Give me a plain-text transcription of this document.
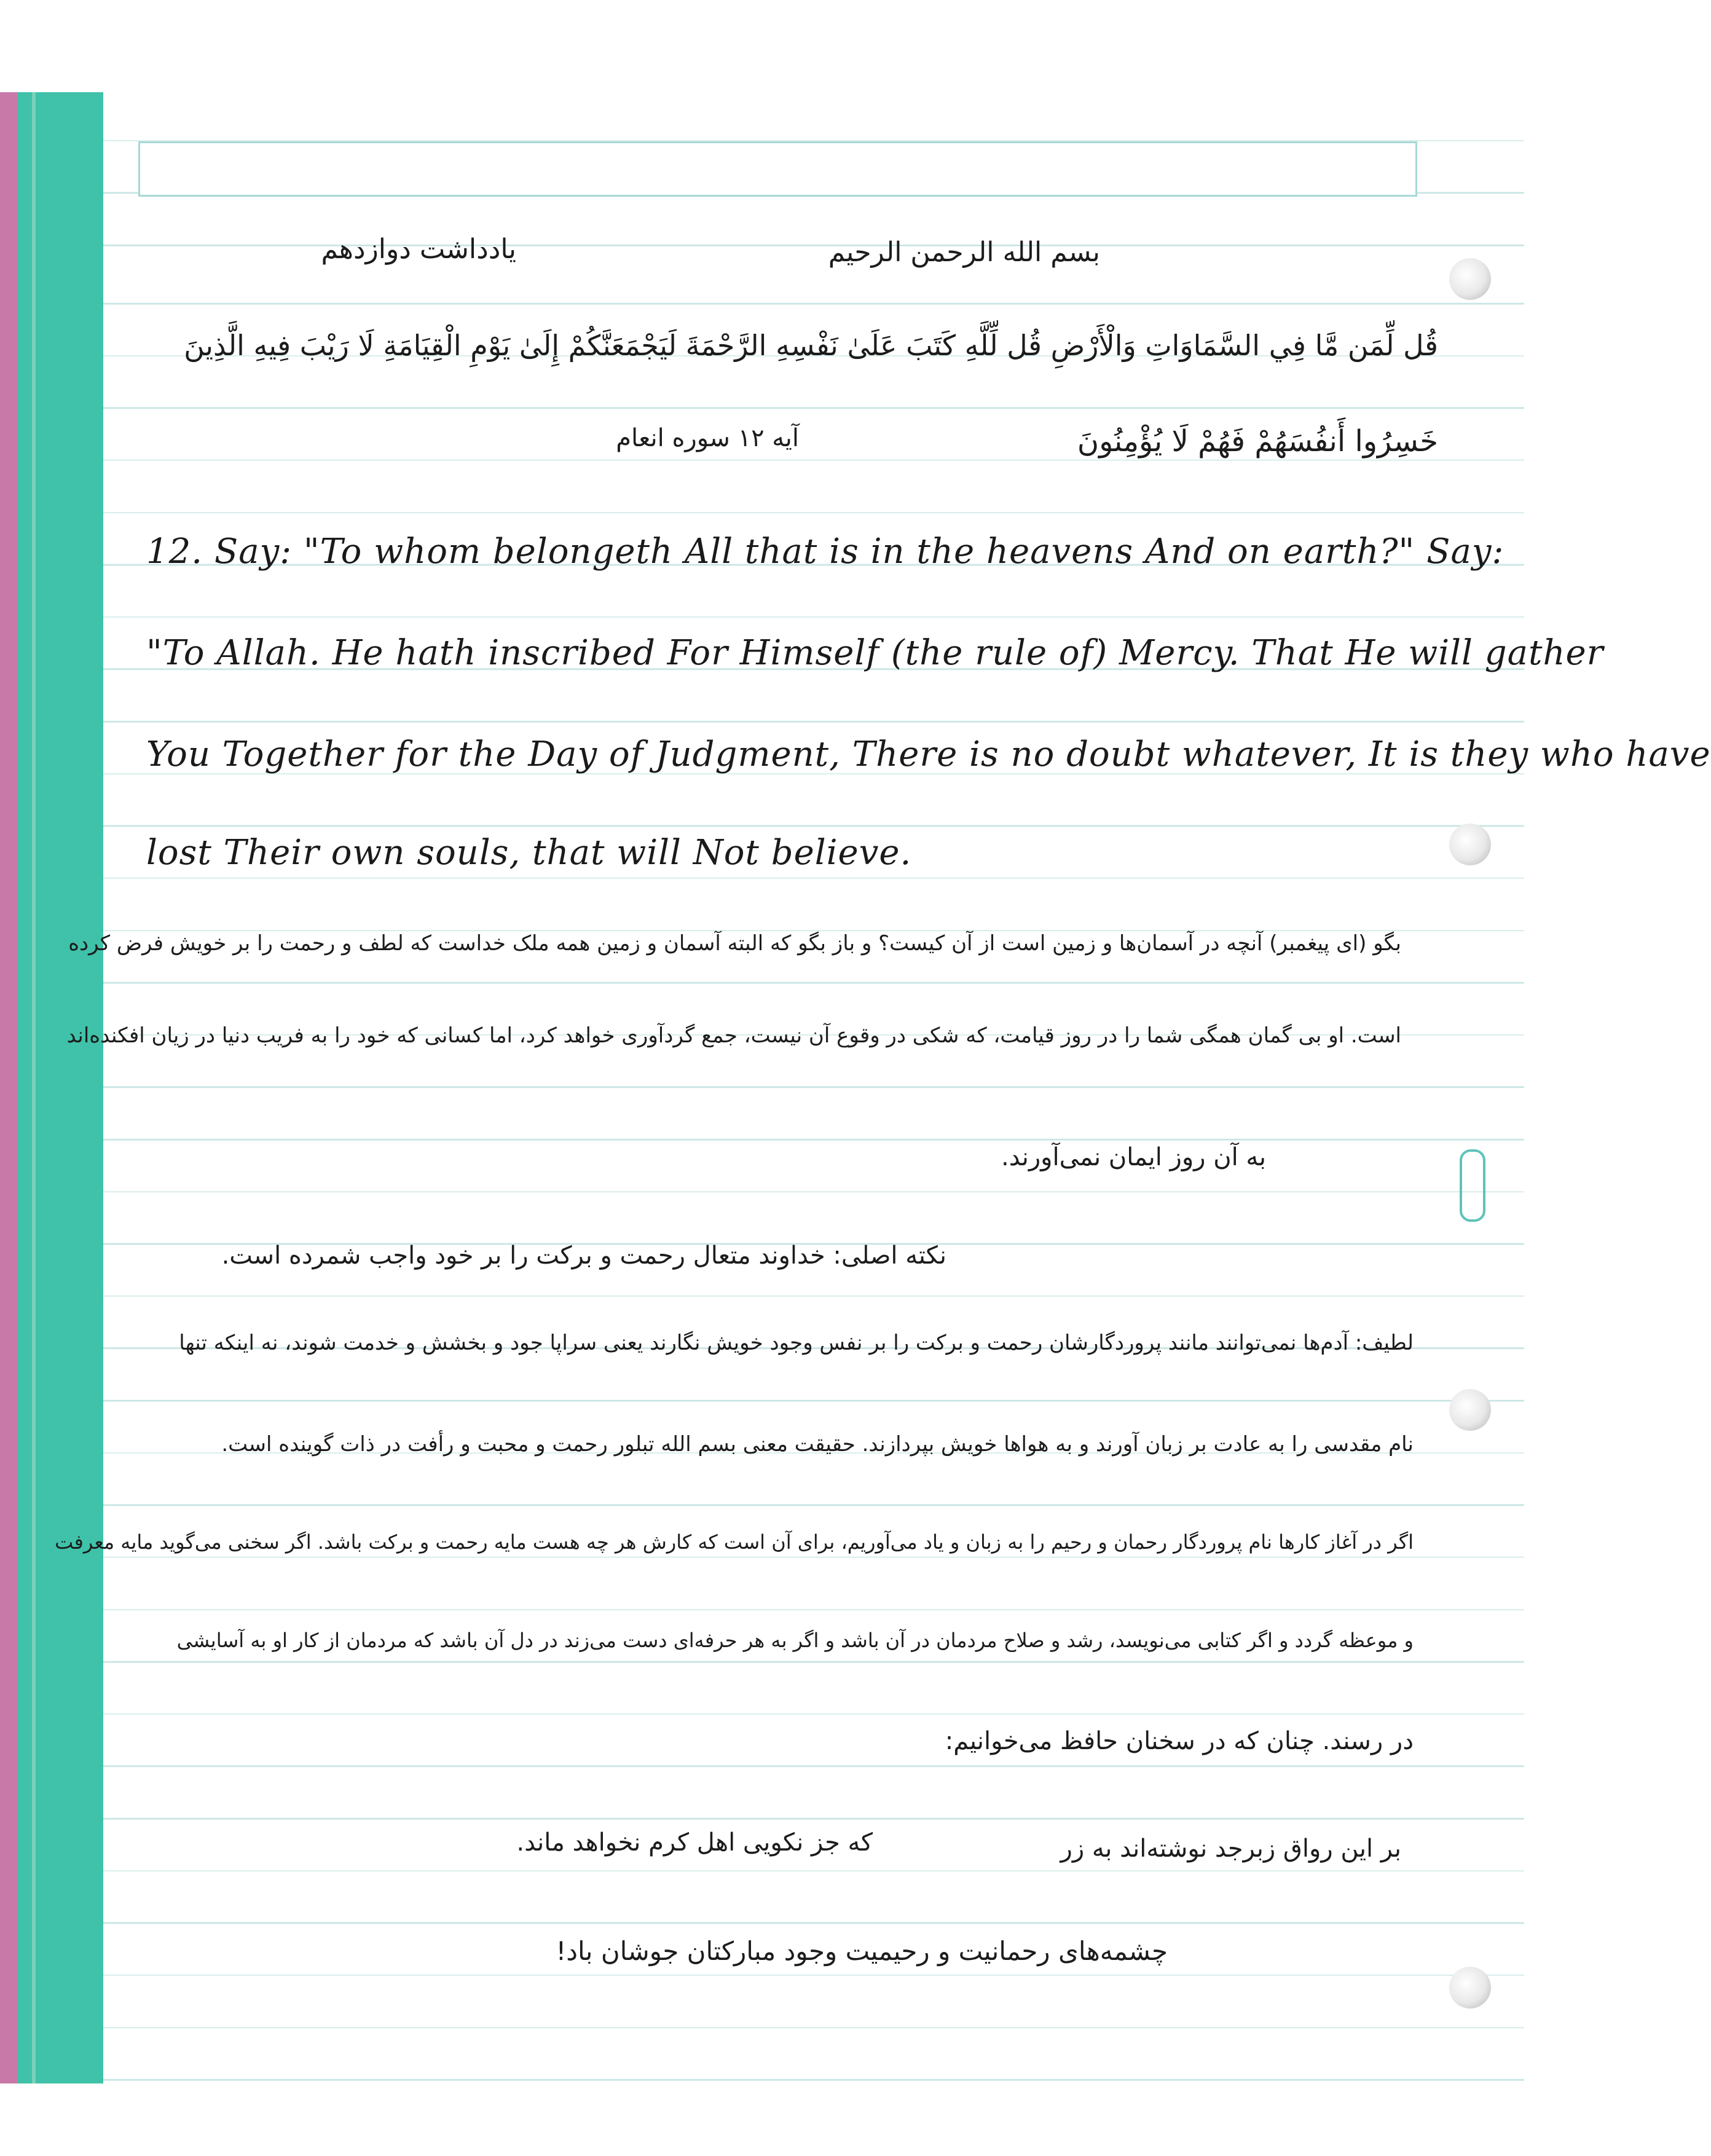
یادداشت دوازدهم	بسم الله الرحمن الرحیم
قُل لِّمَن مَّا فِي السَّمَاوَاتِ وَالْأَرْضِ قُل لِّلَّهِ كَتَبَ عَلَىٰ نَفْسِهِ الرَّحْمَةَ لَيَجْمَعَنَّكُمْ إِلَىٰ يَوْمِ الْقِيَامَةِ لَا رَيْبَ فِيهِ الَّذِينَ
خَسِرُوا أَنفُسَهُمْ فَهُمْ لَا يُؤْمِنُونَ
آیه ۱۲ سوره انعام
12. Say: "To whom belongeth All that is in the heavens And on earth?" Say:
"To Allah. He hath inscribed For Himself (the rule of) Mercy. That He will gather
You Together for the Day of Judgment, There is no doubt whatever, It is they who have
lost Their own souls, that will Not believe.
بگو (ای پیغمبر) آنچه در آسمان‌ها و زمین است از آن کیست؟ و باز بگو که البته آسمان و زمین همه ملک خداست که لطف و رحمت را بر خویش فرض کرده
است. او بی گمان همگی شما را در روز قیامت، که شکی در وقوع آن نیست، جمع گردآوری خواهد کرد، اما کسانی که خود را به فریب دنیا در زیان افکنده‌اند
به آن روز ایمان نمی‌آورند.
نکته اصلی: خداوند متعال رحمت و برکت را بر خود واجب شمرده است.
لطیف: آدم‌ها نمی‌توانند مانند پروردگارشان رحمت و برکت را بر نفس وجود خویش نگارند یعنی سراپا جود و بخشش و خدمت شوند، نه اینکه تنها
نام مقدسی را به عادت بر زبان آورند و به هواها خویش بپردازند. حقیقت معنی بسم الله تبلور رحمت و محبت و رأفت در ذات گوینده است.
اگر در آغاز کارها نام پروردگار رحمان و رحیم را به زبان و یاد می‌آوریم، برای آن است که کارش هر چه هست مایه رحمت و برکت باشد. اگر سخنی می‌گوید مایه معرفت
و موعظه گردد و اگر کتابی می‌نویسد، رشد و صلاح مردمان در آن باشد و اگر به هر حرفه‌ای دست می‌زند در دل آن باشد که مردمان از کار او به آسایشی
در رسند. چنان که در سخنان حافظ می‌خوانیم:
بر این رواق زبرجد نوشته‌اند به زر
که جز نکویی اهل کرم نخواهد ماند.
چشمه‌های رحمانیت و رحیمیت وجود مبارکتان جوشان باد!
